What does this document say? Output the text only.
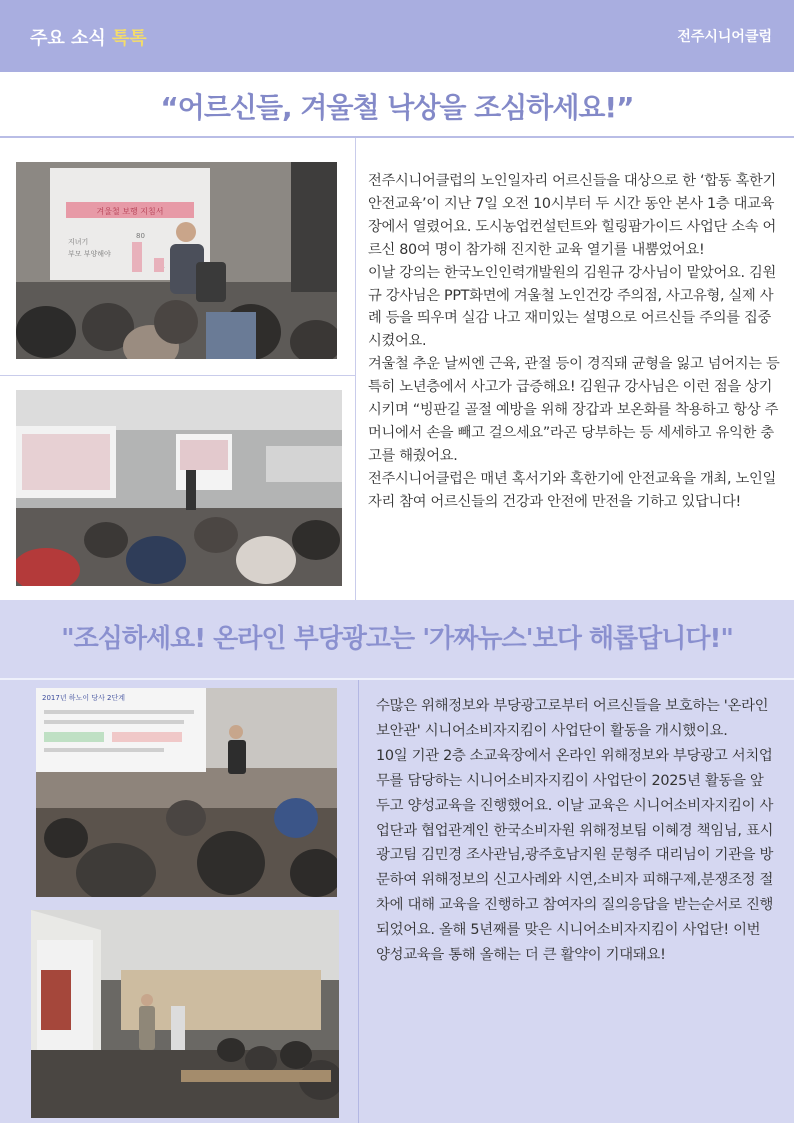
주요 소식 톡톡	전주시니어클럽
“어르신들, 겨울철 낙상을 조심하세요!”
겨울철 보행 지침서
지녀기
부모 부양해야
80

전주시니어클럽의 노인일자리 어르신들을 대상으로 한 ‘합동 혹한기안전교육’이 지난 7일 오전 10시부터 두 시간 동안 본사 1층 대교육장에서 열렸어요. 도시농업컨설턴트와 힐링팜가이드 사업단 소속 어르신 80여 명이 참가해 진지한 교육 열기를 내뿜었어요!

이날 강의는 한국노인인력개발원의 김원규 강사님이 맡았어요. 김원규 강사님은 PPT화면에 겨울철 노인건강 주의점, 사고유형, 실제 사례 등을 띄우며 실감 나고 재미있는 설명으로 어르신들 주의를 집중시켰어요.

겨울철 추운 날씨엔 근육, 관절 등이 경직돼 균형을 잃고 넘어지는 등 특히 노년층에서 사고가 급증해요! 김원규 강사님은 이런 점을 상기시키며 “빙판길 골절 예방을 위해 장갑과 보온화를 착용하고 항상 주머니에서 손을 빼고 걸으세요”라곤 당부하는 등 세세하고 유익한 충고를 해줬어요.

전주시니어클럽은 매년 혹서기와 혹한기에 안전교육을 개최, 노인일자리 참여 어르신들의 건강과 안전에 만전을 기하고 있답니다!

"조심하세요! 온라인 부당광고는 '가짜뉴스'보다 해롭답니다!"
2017년 하노이 당사 2단계	수많은 위해정보와 부당광고로부터 어르신들을 보호하는 '온라인 보안관' 시니어소비자지킴이 사업단이 활동을 개시했이요.

10일 기관 2층 소교육장에서 온라인 위해정보와 부당광고 서치업무를 담당하는 시니어소비자지킴이 사업단이 2025년 활동을 앞두고 양성교육을 진행했어요. 이날 교육은 시니어소비자지킴이 사업단과 협업관계인 한국소비자원 위해정보팀 이혜경 책임님, 표시광고팀 김민경 조사관님,광주호남지원 문형주 대리님이 기관을 방문하여 위해정보의 신고사례와 시연,소비자 피해구제,분쟁조정 절차에 대해 교육을 진행하고 참여자의 질의응답을 받는순서로 진행되었어요. 올해 5년째를 맞은 시니어소비자지킴이 사업단! 이번 양성교육을 통해 올해는 더 큰 활약이 기대돼요!
